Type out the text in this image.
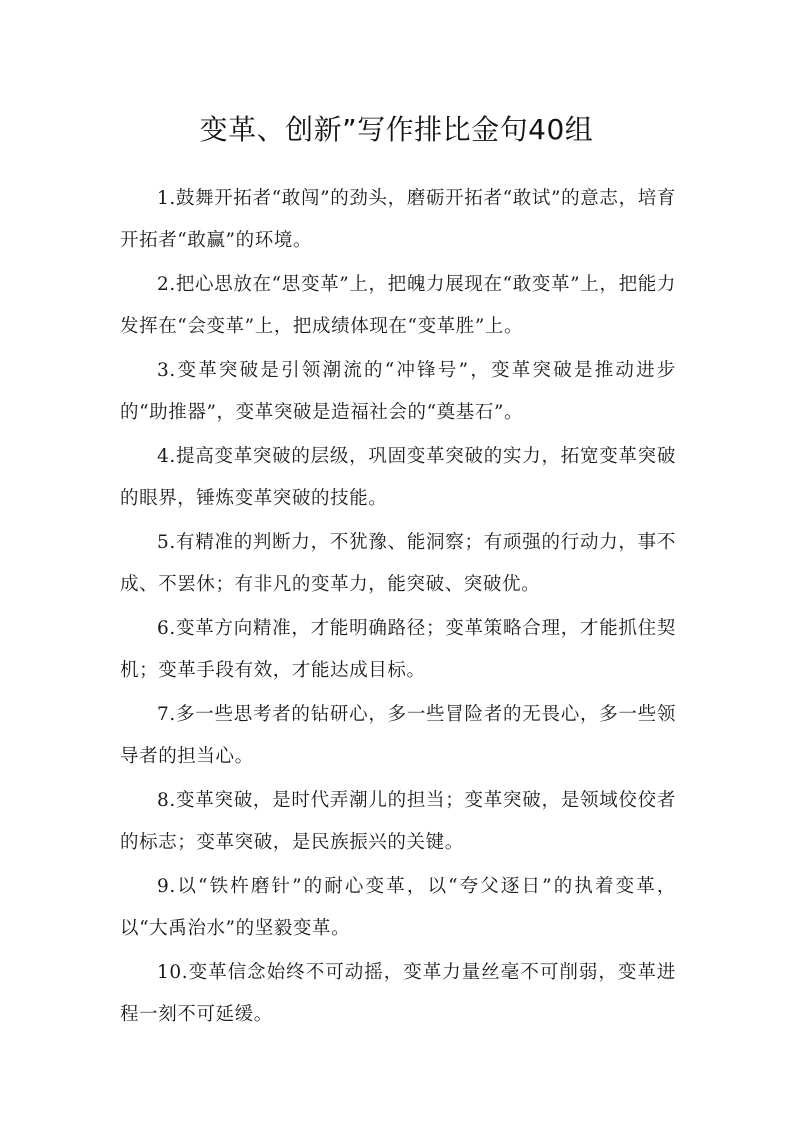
变革、创新”写作排比金句40组
1.鼓舞开拓者“敢闯”的劲头，磨砺开拓者“敢试”的意志，培育开拓者“敢赢”的环境。
2.把心思放在“思变革”上，把魄力展现在“敢变革”上，把能力发挥在“会变革”上，把成绩体现在“变革胜”上。
3.变革突破是引领潮流的“冲锋号”，变革突破是推动进步的“助推器”，变革突破是造福社会的“奠基石”。
4.提高变革突破的层级，巩固变革突破的实力，拓宽变革突破的眼界，锤炼变革突破的技能。
5.有精准的判断力，不犹豫、能洞察；有顽强的行动力，事不成、不罢休；有非凡的变革力，能突破、突破优。
6.变革方向精准，才能明确路径；变革策略合理，才能抓住契机；变革手段有效，才能达成目标。
7.多一些思考者的钻研心，多一些冒险者的无畏心，多一些领导者的担当心。
8.变革突破，是时代弄潮儿的担当；变革突破，是领域佼佼者的标志；变革突破，是民族振兴的关键。
9.以“铁杵磨针”的耐心变革，以“夸父逐日”的执着变革，以“大禹治水”的坚毅变革。
10.变革信念始终不可动摇，变革力量丝毫不可削弱，变革进程一刻不可延缓。
